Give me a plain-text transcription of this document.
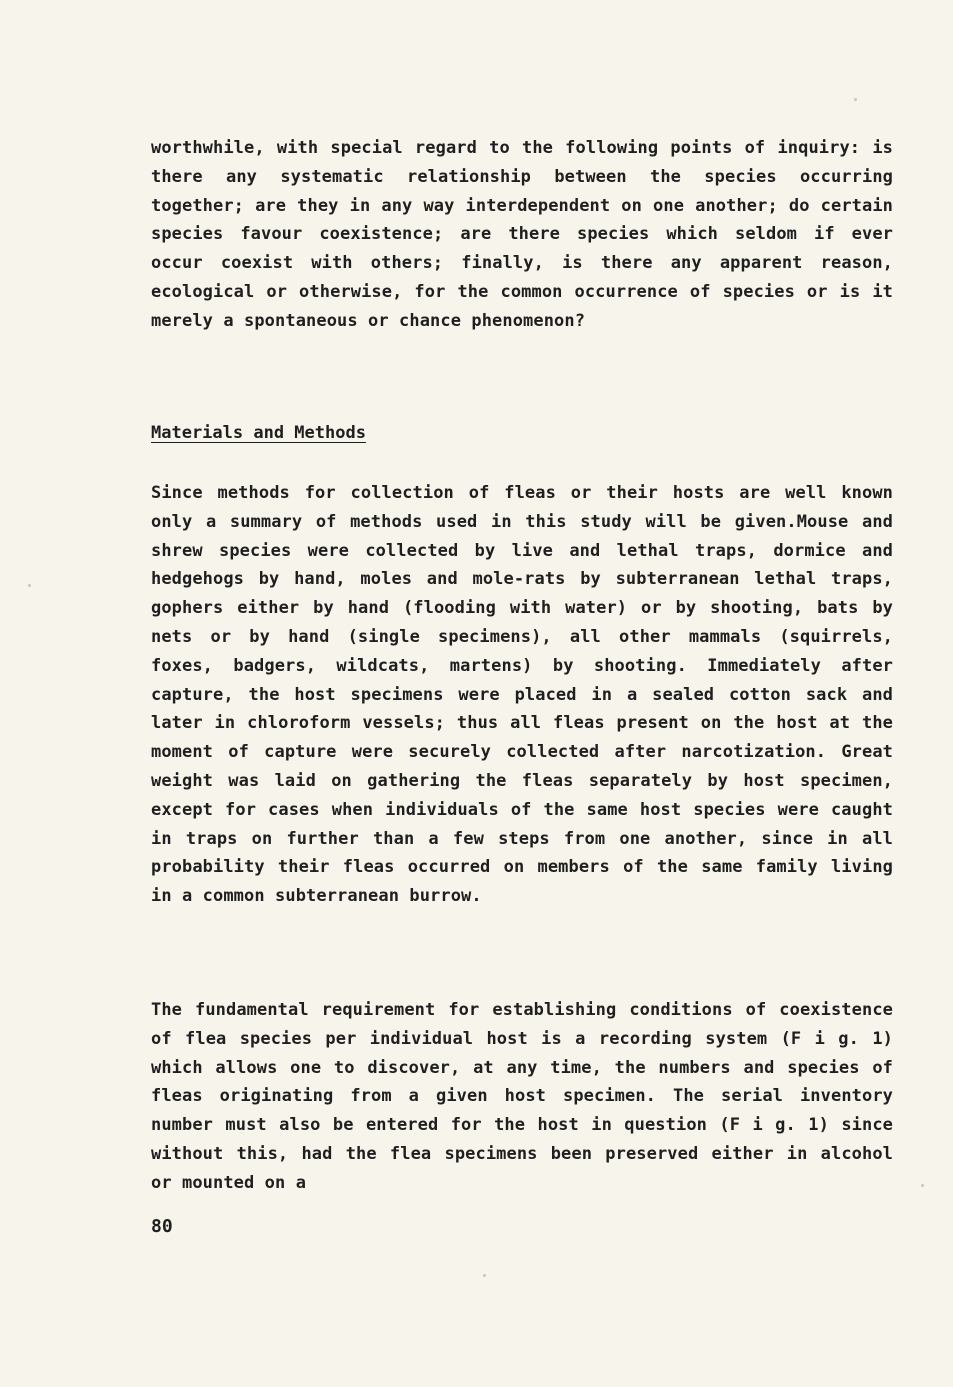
worthwhile, with special regard to the following points of inquiry: is there any systematic relationship between the species occurring together; are they in any way interdependent on one another; do certain species favour coexistence; are there species which seldom if ever occur coexist with others; finally, is there any apparent reason, ecological or otherwise, for the common occurrence of species or is it merely a spontaneous or chance phenomenon?
Materials and Methods
Since methods for collection of fleas or their hosts are well known only a summary of methods used in this study will be given.Mouse and shrew species were collected by live and lethal traps, dormice and hedgehogs by hand, moles and mole-rats by subterranean lethal traps, gophers either by hand (flooding with water) or by shooting, bats by nets or by hand (single specimens), all other mammals (squirrels, foxes, badgers, wildcats, martens) by shooting. Immediately after capture, the host specimens were placed in a sealed cotton sack and later in chloroform vessels; thus all fleas present on the host at the moment of capture were securely collected after narcotization. Great weight was laid on gathering the fleas separately by host specimen, except for cases when individuals of the same host species were caught in traps on further than a few steps from one another, since in all probability their fleas occurred on members of the same family living in a common subterranean burrow.
The fundamental requirement for establishing conditions of coexistence of flea species per individual host is a recording system (F i g. 1) which allows one to discover, at any time, the numbers and species of fleas originating from a given host specimen. The serial inventory number must also be entered for the host in question (F i g. 1) since without this, had the flea specimens been preserved either in alcohol or mounted on a
80
